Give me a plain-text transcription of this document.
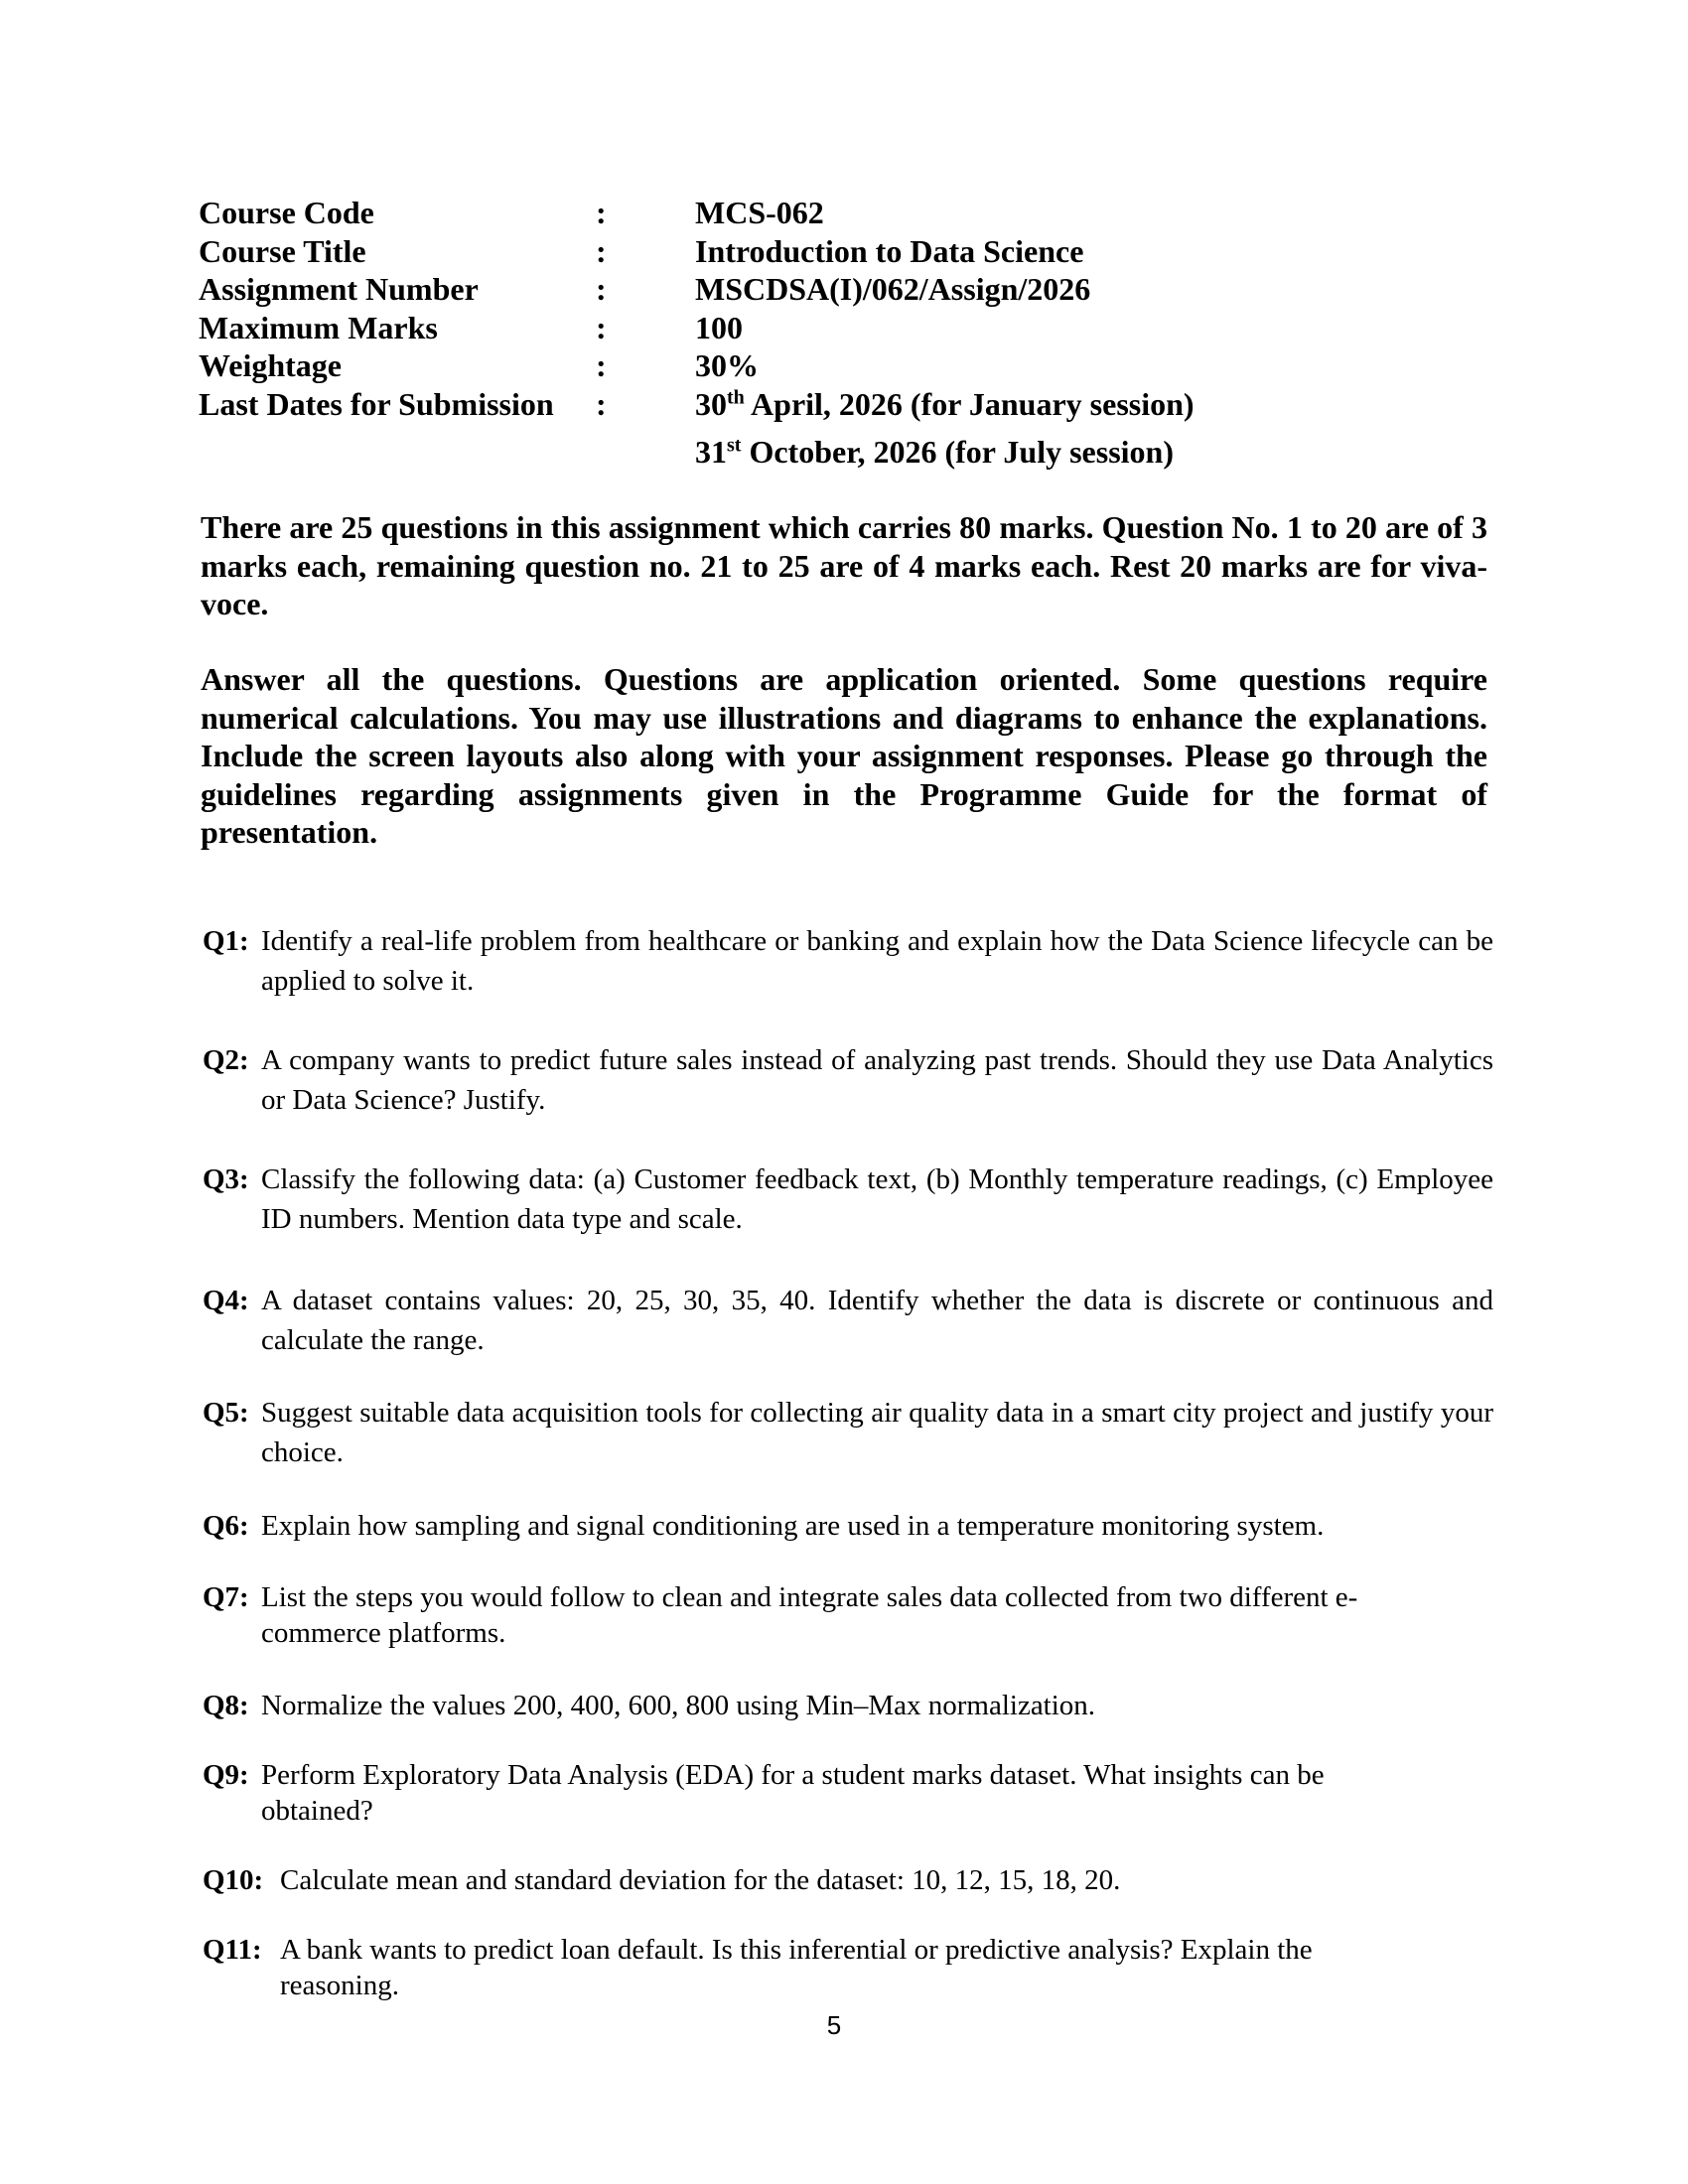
Course Code	:	MCS-062
Course Title	:	Introduction to Data Science
Assignment Number	:	MSCDSA(I)/062/Assign/2026
Maximum Marks	:	100
Weightage	:	30%
Last Dates for Submission	:	30th April, 2026 (for January session)
31st October, 2026 (for July session)
There are 25 questions in this assignment which carries 80 marks. Question No. 1 to 20 are of 3 marks each, remaining question no. 21 to 25 are of 4 marks each. Rest 20 marks are for viva-voce.
Answer all the questions. Questions are application oriented. Some questions require numerical calculations. You may use illustrations and diagrams to enhance the explanations. Include the screen layouts also along with your assignment responses. Please go through the guidelines regarding assignments given in the Programme Guide for the format of presentation.
Q1: Identify a real-life problem from healthcare or banking and explain how the Data Science lifecycle can be applied to solve it.
Q2: A company wants to predict future sales instead of analyzing past trends. Should they use Data Analytics or Data Science? Justify.
Q3: Classify the following data: (a) Customer feedback text, (b) Monthly temperature readings, (c) Employee ID numbers. Mention data type and scale.
Q4: A dataset contains values: 20, 25, 30, 35, 40. Identify whether the data is discrete or continuous and calculate the range.
Q5: Suggest suitable data acquisition tools for collecting air quality data in a smart city project and justify your choice.
Q6: Explain how sampling and signal conditioning are used in a temperature monitoring system.
Q7: List the steps you would follow to clean and integrate sales data collected from two different e-commerce platforms.
Q8: Normalize the values 200, 400, 600, 800 using Min–Max normalization.
Q9: Perform Exploratory Data Analysis (EDA) for a student marks dataset. What insights can be obtained?
Q10: Calculate mean and standard deviation for the dataset: 10, 12, 15, 18, 20.
Q11: A bank wants to predict loan default. Is this inferential or predictive analysis? Explain the reasoning.
5
